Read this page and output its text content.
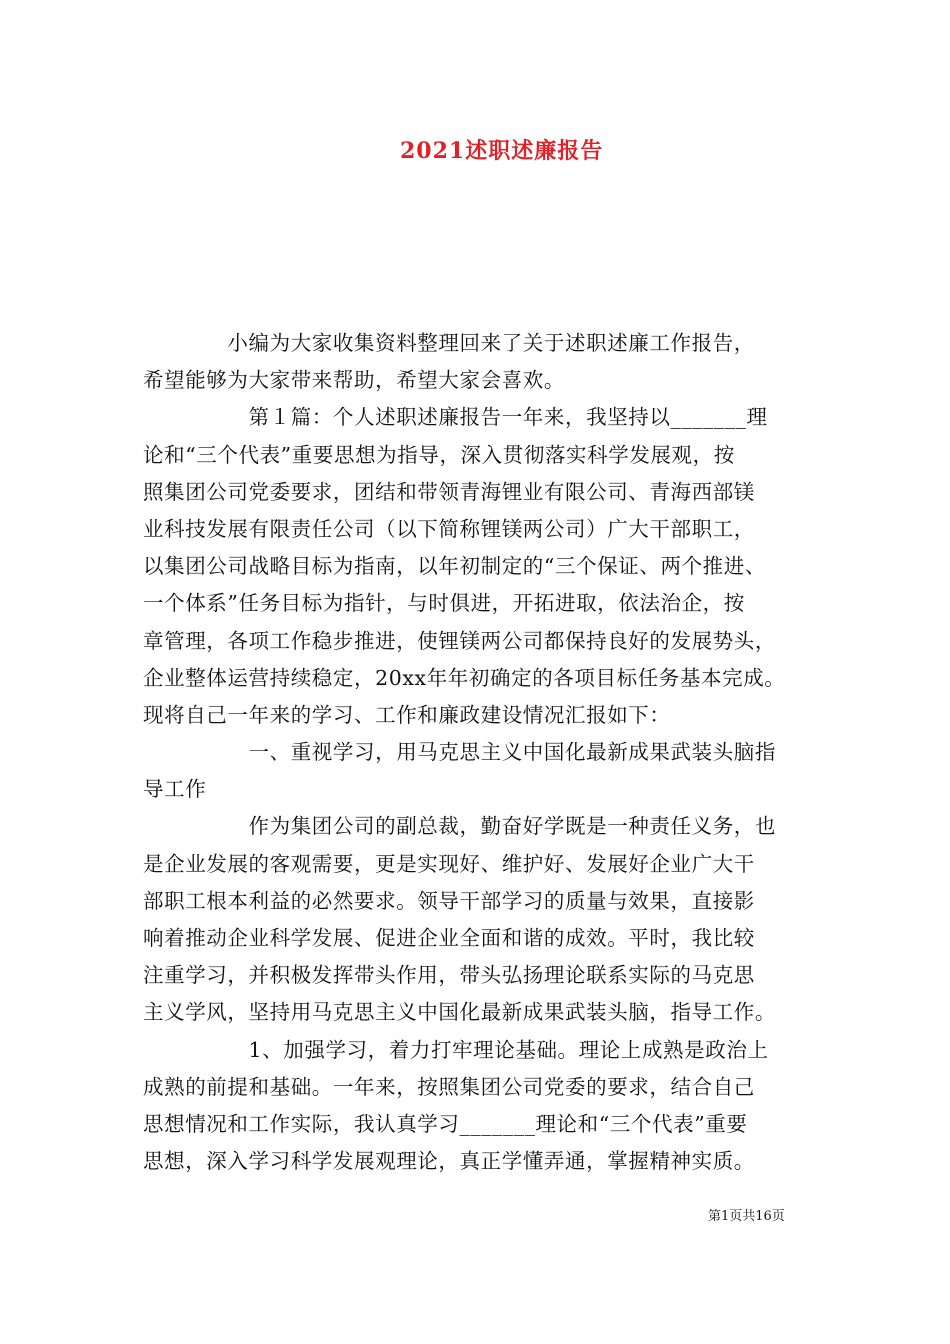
2021述职述廉报告
　　　　小编为大家收集资料整理回来了关于述职述廉工作报告，
希望能够为大家带来帮助，希望大家会喜欢。
　　　　　第１篇：个人述职述廉报告一年来，我坚持以_______理
论和“三个代表”重要思想为指导，深入贯彻落实科学发展观，按
照集团公司党委要求，团结和带领青海锂业有限公司、青海西部镁
业科技发展有限责任公司（以下简称锂镁两公司）广大干部职工，
以集团公司战略目标为指南，以年初制定的“三个保证、两个推进、
一个体系”任务目标为指针，与时俱进，开拓进取，依法治企，按
章管理，各项工作稳步推进，使锂镁两公司都保持良好的发展势头，
企业整体运营持续稳定，20xx年年初确定的各项目标任务基本完成。
现将自己一年来的学习、工作和廉政建设情况汇报如下：
　　　　　一、重视学习，用马克思主义中国化最新成果武装头脑指
导工作
　　　　　作为集团公司的副总裁，勤奋好学既是一种责任义务，也
是企业发展的客观需要，更是实现好、维护好、发展好企业广大干
部职工根本利益的必然要求。领导干部学习的质量与效果，直接影
响着推动企业科学发展、促进企业全面和谐的成效。平时，我比较
注重学习，并积极发挥带头作用，带头弘扬理论联系实际的马克思
主义学风，坚持用马克思主义中国化最新成果武装头脑，指导工作。
　　　　　1、加强学习，着力打牢理论基础。理论上成熟是政治上
成熟的前提和基础。一年来，按照集团公司党委的要求，结合自己
思想情况和工作实际，我认真学习_______理论和“三个代表”重要
思想，深入学习科学发展观理论，真正学懂弄通，掌握精神实质。
第1页共16页
